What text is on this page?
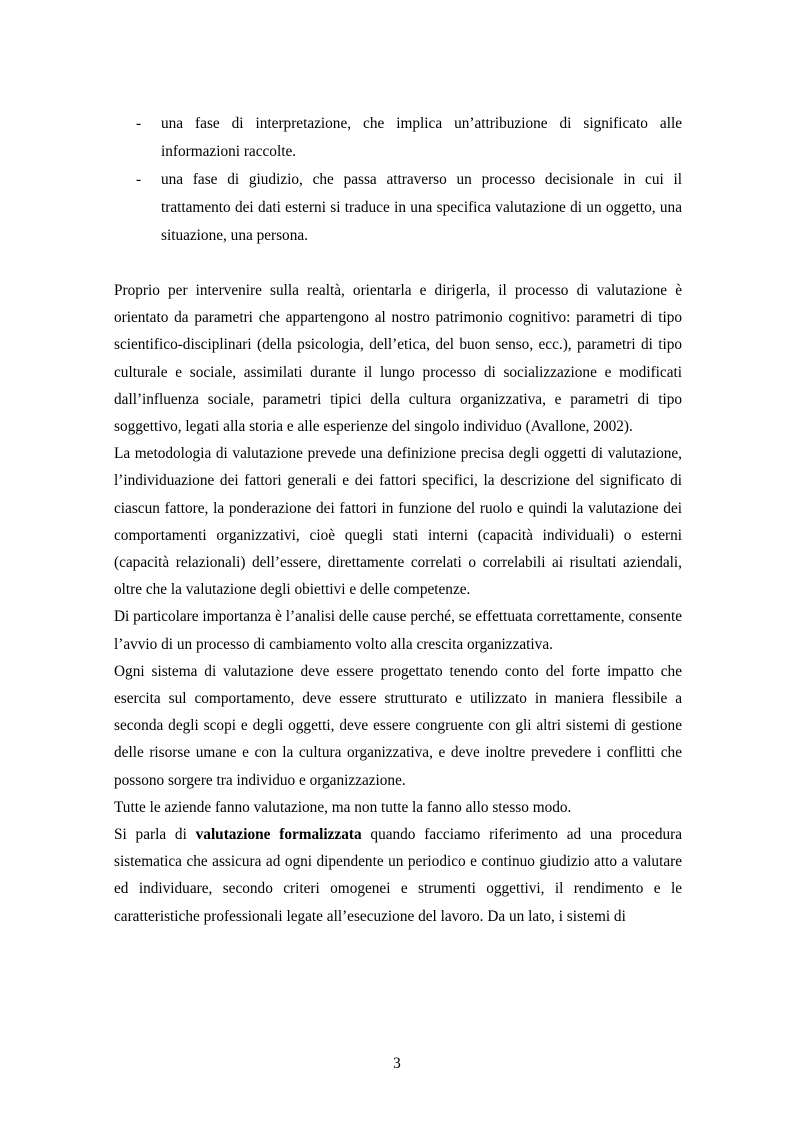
- una fase di interpretazione, che implica un’attribuzione di significato alle informazioni raccolte.
- una fase di giudizio, che passa attraverso un processo decisionale in cui il trattamento dei dati esterni si traduce in una specifica valutazione di un oggetto, una situazione, una persona.

Proprio per intervenire sulla realtà, orientarla e dirigerla, il processo di valutazione è orientato da parametri che appartengono al nostro patrimonio cognitivo: parametri di tipo scientifico-disciplinari (della psicologia, dell’etica, del buon senso, ecc.), parametri di tipo culturale e sociale, assimilati durante il lungo processo di socializzazione e modificati dall’influenza sociale, parametri tipici della cultura organizzativa, e parametri di tipo soggettivo, legati alla storia e alle esperienze del singolo individuo (Avallone, 2002).

La metodologia di valutazione prevede una definizione precisa degli oggetti di valutazione, l’individuazione dei fattori generali e dei fattori specifici, la descrizione del significato di ciascun fattore, la ponderazione dei fattori in funzione del ruolo e quindi la valutazione dei comportamenti organizzativi, cioè quegli stati interni (capacità individuali) o esterni (capacità relazionali) dell’essere, direttamente correlati o correlabili ai risultati aziendali, oltre che la valutazione degli obiettivi e delle competenze.

Di particolare importanza è l’analisi delle cause perché, se effettuata correttamente, consente l’avvio di un processo di cambiamento volto alla crescita organizzativa.

Ogni sistema di valutazione deve essere progettato tenendo conto del forte impatto che esercita sul comportamento, deve essere strutturato e utilizzato in maniera flessibile a seconda degli scopi e degli oggetti, deve essere congruente con gli altri sistemi di gestione delle risorse umane e con la cultura organizzativa, e deve inoltre prevedere i conflitti che possono sorgere tra individuo e organizzazione.

Tutte le aziende fanno valutazione, ma non tutte la fanno allo stesso modo.

Si parla di valutazione formalizzata quando facciamo riferimento ad una procedura sistematica che assicura ad ogni dipendente un periodico e continuo giudizio atto a valutare ed individuare, secondo criteri omogenei e strumenti oggettivi, il rendimento e le caratteristiche professionali legate all’esecuzione del lavoro. Da un lato, i sistemi di

3
